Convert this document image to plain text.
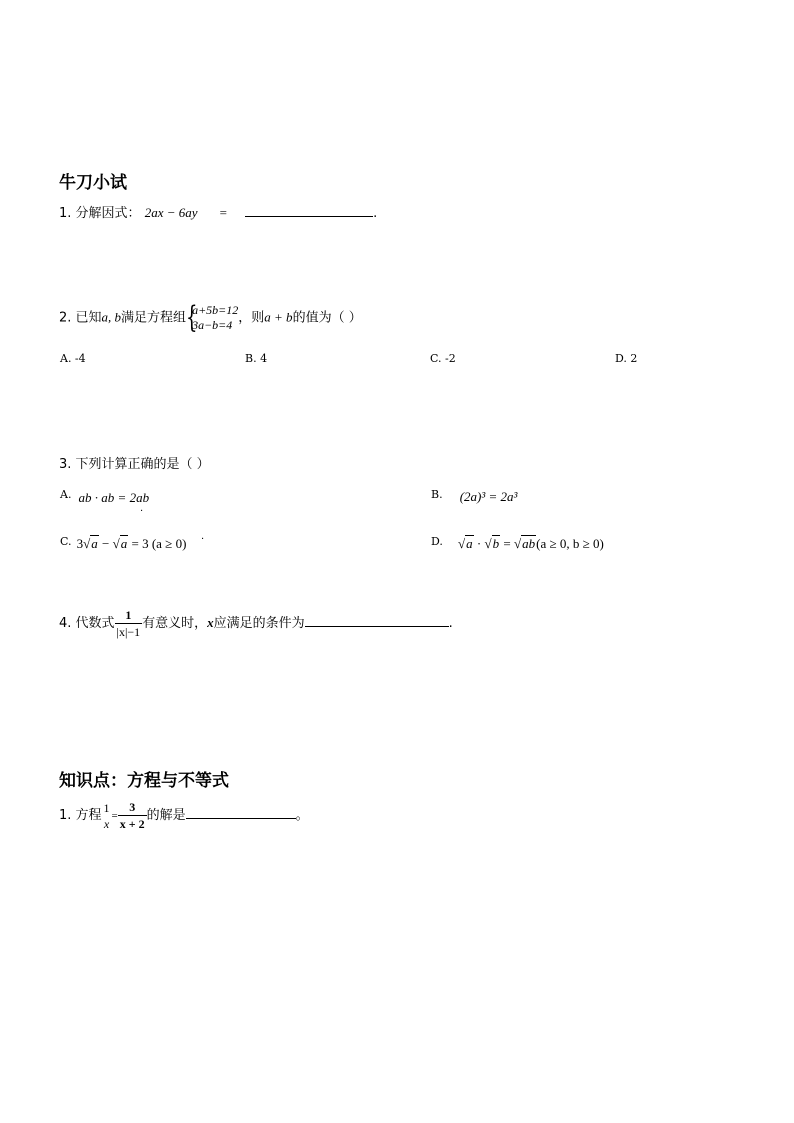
牛刀小试
1. 分解因式： 2ax − 6ay =	.
2. 已知a, b满足方程组 {
a+5b=12
3a−b=4 ，则a + b的值为（ ）
A. -4	B. 4	C. -2	D. 2
3. 下列计算正确的是（ ）
A. $_{ab \cdot ab = 2ab}$
.
B. (2a)³ = 2a³
C. 3√a − √a = 3 (a ≥ 0) .	D. √a · √b = √ab(a ≥ 0, b ≥ 0)
4. 代数式 $\frac{1}{|x|-1}$ 有意义时，x应满足的条件为	.
知识点：方程与不等式
1. 方程
1
x
= $\frac{3}{x + 2}$ 的解是	。
